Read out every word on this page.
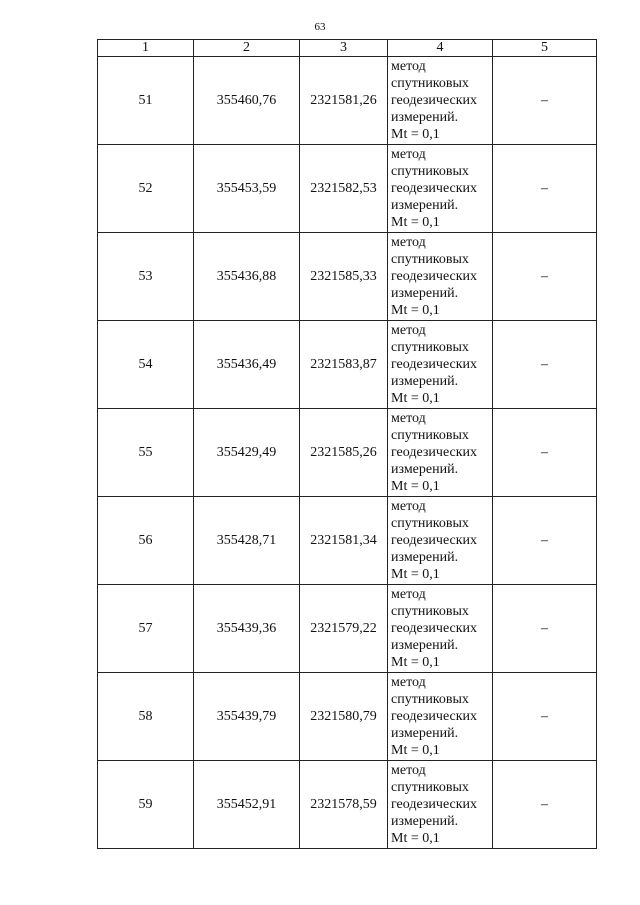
63
1	2	3	4	5
51	355460,76	2321581,26	метод
спутниковых
геодезических
измерений.
Mt = 0,1	–
52	355453,59	2321582,53	метод
спутниковых
геодезических
измерений.
Mt = 0,1	–
53	355436,88	2321585,33	метод
спутниковых
геодезических
измерений.
Mt = 0,1	–
54	355436,49	2321583,87	метод
спутниковых
геодезических
измерений.
Mt = 0,1	–
55	355429,49	2321585,26	метод
спутниковых
геодезических
измерений.
Mt = 0,1	–
56	355428,71	2321581,34	метод
спутниковых
геодезических
измерений.
Mt = 0,1	–
57	355439,36	2321579,22	метод
спутниковых
геодезических
измерений.
Mt = 0,1	–
58	355439,79	2321580,79	метод
спутниковых
геодезических
измерений.
Mt = 0,1	–
59	355452,91	2321578,59	метод
спутниковых
геодезических
измерений.
Mt = 0,1	–
